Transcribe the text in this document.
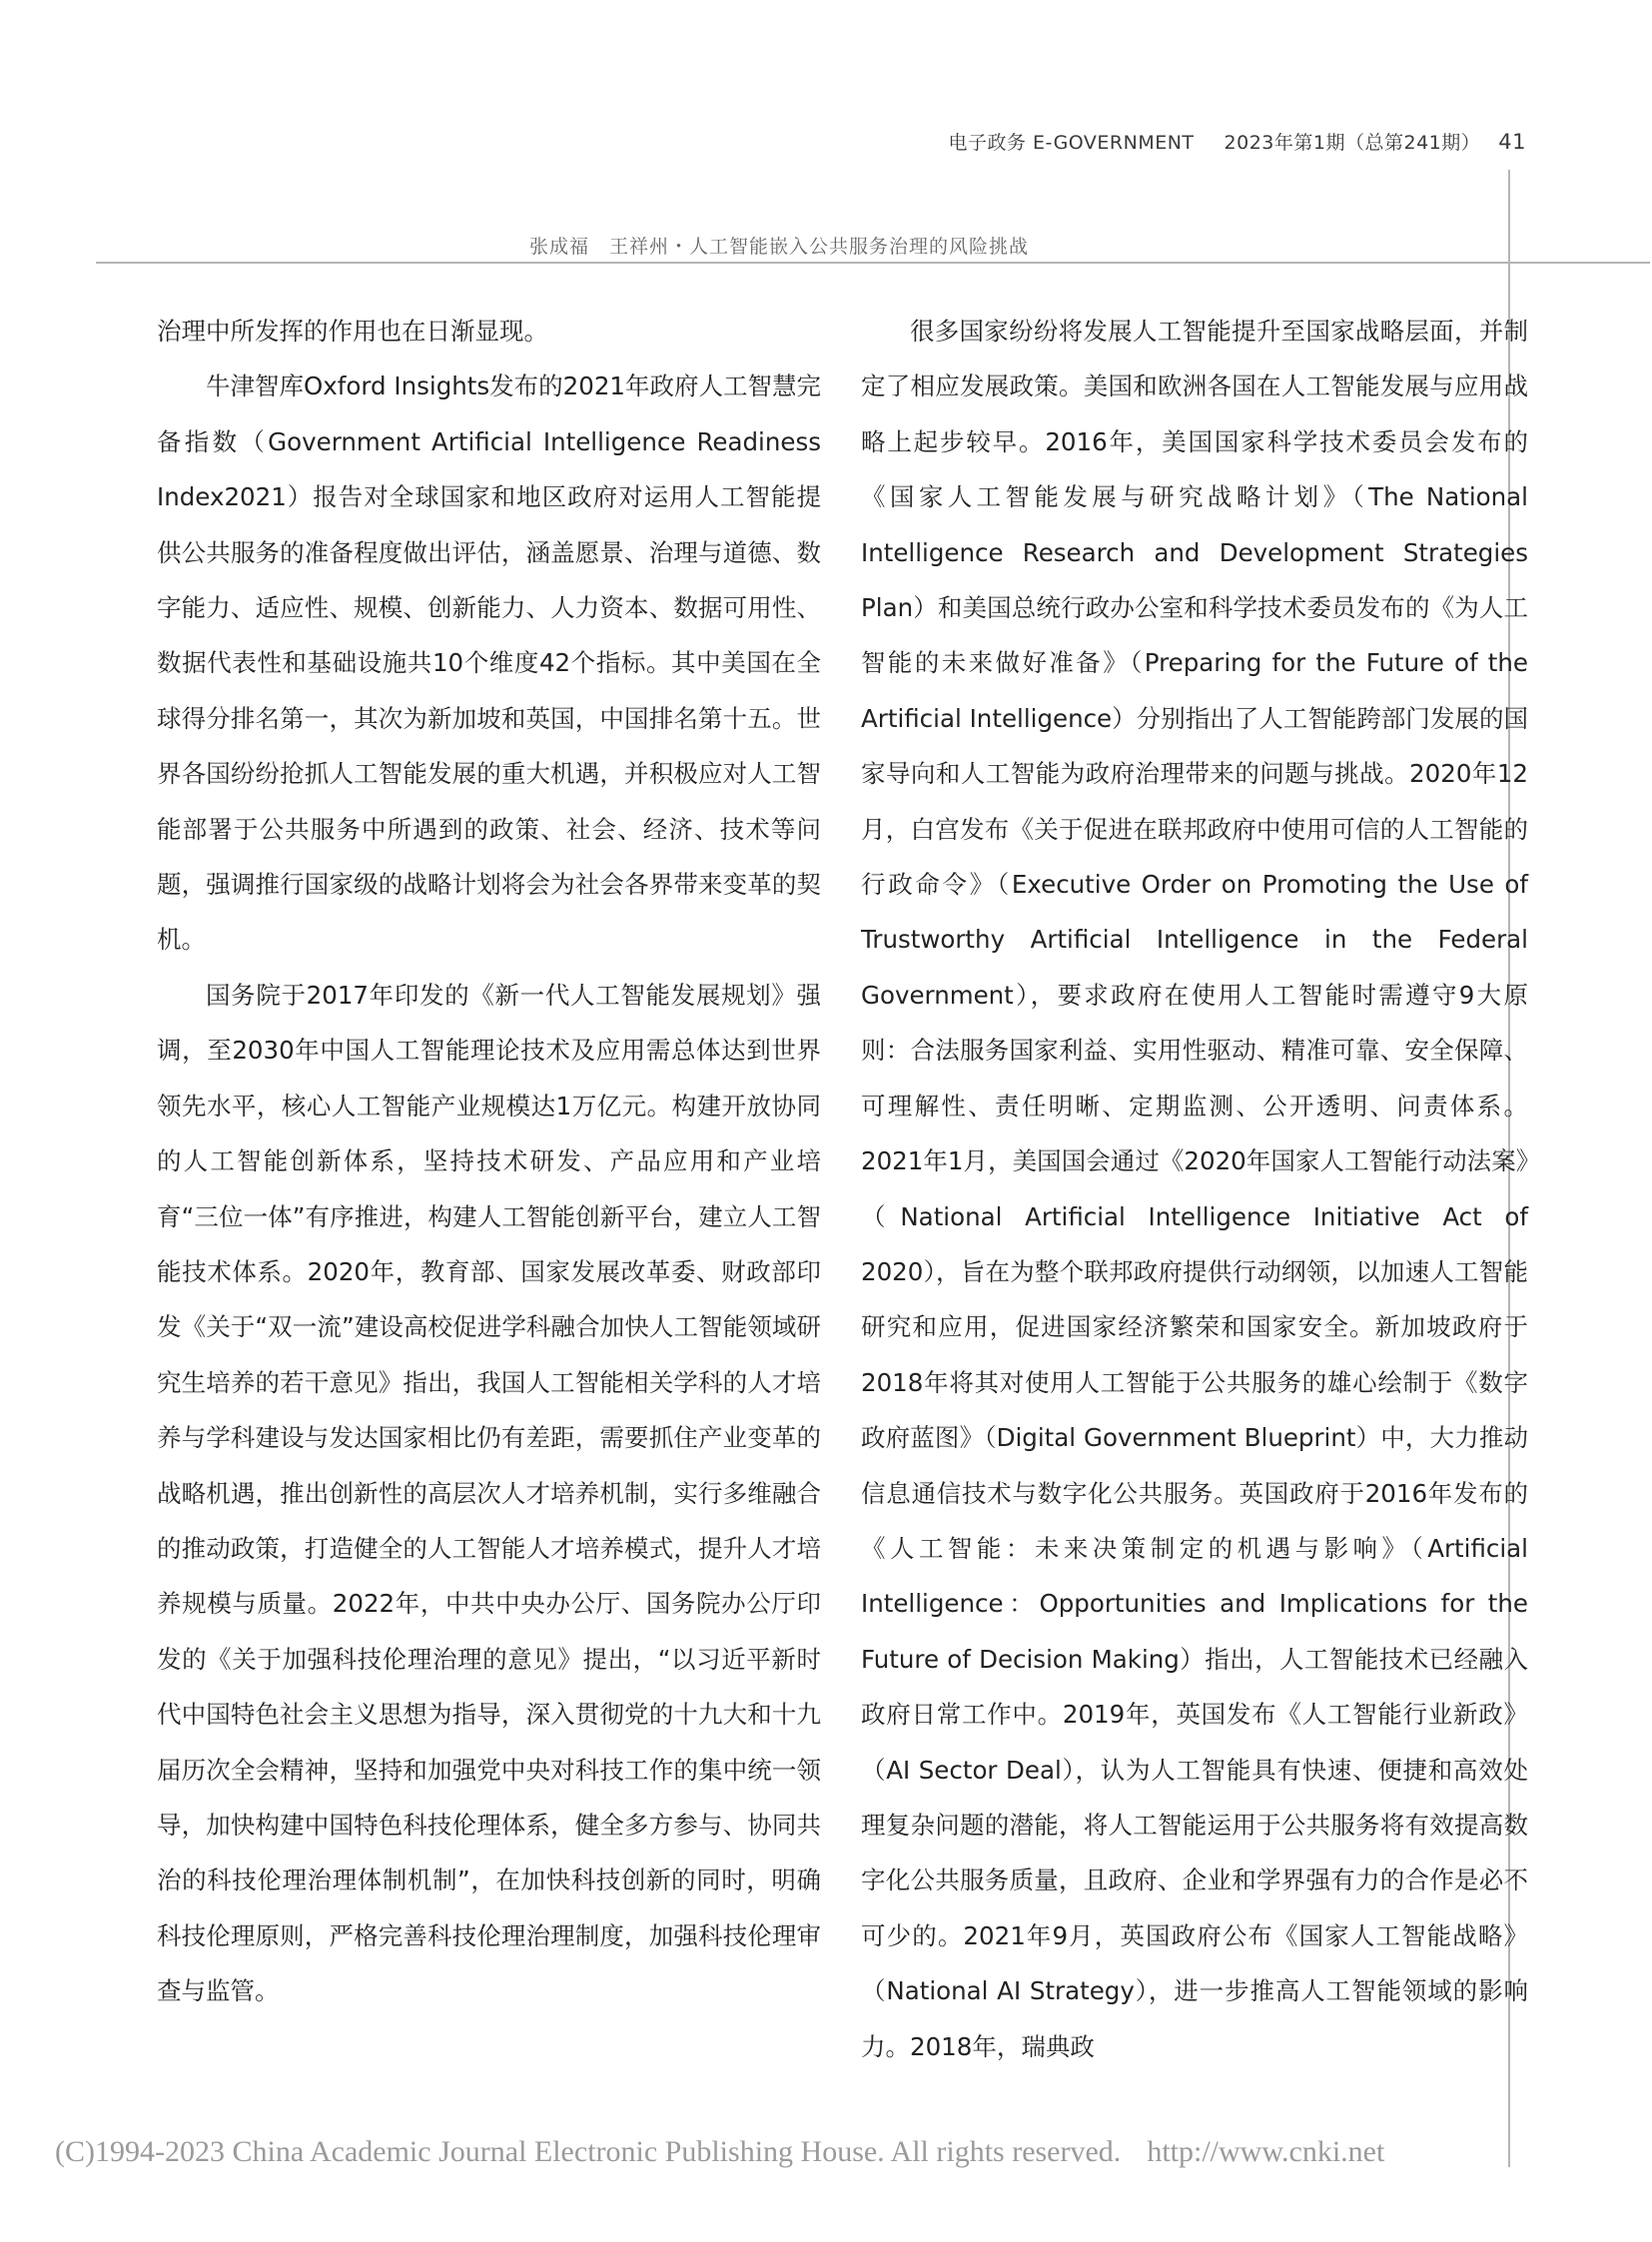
电子政务 E-GOVERNMENT 2023年第1期（总第241期） 41
张成福　王祥州・人工智能嵌入公共服务治理的风险挑战

治理中所发挥的作用也在日渐显现。

牛津智库Oxford Insights发布的2021年政府人工智慧完备指数（Government Artificial Intelligence Readiness Index2021）报告对全球国家和地区政府对运用人工智能提供公共服务的准备程度做出评估，涵盖愿景、治理与道德、数字能力、适应性、规模、创新能力、人力资本、数据可用性、数据代表性和基础设施共10个维度42个指标。其中美国在全球得分排名第一，其次为新加坡和英国，中国排名第十五。世界各国纷纷抢抓人工智能发展的重大机遇，并积极应对人工智能部署于公共服务中所遇到的政策、社会、经济、技术等问题，强调推行国家级的战略计划将会为社会各界带来变革的契机。

国务院于2017年印发的《新一代人工智能发展规划》强调，至2030年中国人工智能理论技术及应用需总体达到世界领先水平，核心人工智能产业规模达1万亿元。构建开放协同的人工智能创新体系，坚持技术研发、产品应用和产业培育“三位一体”有序推进，构建人工智能创新平台，建立人工智能技术体系。2020年，教育部、国家发展改革委、财政部印发《关于“双一流”建设高校促进学科融合加快人工智能领域研究生培养的若干意见》指出，我国人工智能相关学科的人才培养与学科建设与发达国家相比仍有差距，需要抓住产业变革的战略机遇，推出创新性的高层次人才培养机制，实行多维融合的推动政策，打造健全的人工智能人才培养模式，提升人才培养规模与质量。2022年，中共中央办公厅、国务院办公厅印发的《关于加强科技伦理治理的意见》提出，“以习近平新时代中国特色社会主义思想为指导，深入贯彻党的十九大和十九届历次全会精神，坚持和加强党中央对科技工作的集中统一领导，加快构建中国特色科技伦理体系，健全多方参与、协同共治的科技伦理治理体制机制”，在加快科技创新的同时，明确科技伦理原则，严格完善科技伦理治理制度，加强科技伦理审查与监管。

很多国家纷纷将发展人工智能提升至国家战略层面，并制定了相应发展政策。美国和欧洲各国在人工智能发展与应用战略上起步较早。2016年，美国国家科学技术委员会发布的《国家人工智能发展与研究战略计划》（The National Intelligence Research and Development Strategies Plan）和美国总统行政办公室和科学技术委员发布的《为人工智能的未来做好准备》（Preparing for the Future of the Artificial Intelligence）分别指出了人工智能跨部门发展的国家导向和人工智能为政府治理带来的问题与挑战。2020年12月，白宫发布《关于促进在联邦政府中使用可信的人工智能的行政命令》（Executive Order on Promoting the Use of Trustworthy Artificial Intelligence in the Federal Government），要求政府在使用人工智能时需遵守9大原则：合法服务国家利益、实用性驱动、精准可靠、安全保障、可理解性、责任明晰、定期监测、公开透明、问责体系。2021年1月，美国国会通过《2020年国家人工智能行动法案》（National Artificial Intelligence Initiative Act of 2020），旨在为整个联邦政府提供行动纲领，以加速人工智能研究和应用，促进国家经济繁荣和国家安全。新加坡政府于2018年将其对使用人工智能于公共服务的雄心绘制于《数字政府蓝图》（Digital Government Blueprint）中，大力推动信息通信技术与数字化公共服务。英国政府于2016年发布的《人工智能：未来决策制定的机遇与影响》（Artificial Intelligence：Opportunities and Implications for the Future of Decision Making）指出，人工智能技术已经融入政府日常工作中。2019年，英国发布《人工智能行业新政》（AI Sector Deal），认为人工智能具有快速、便捷和高效处理复杂问题的潜能，将人工智能运用于公共服务将有效提高数字化公共服务质量，且政府、企业和学界强有力的合作是必不可少的。2021年9月，英国政府公布《国家人工智能战略》（National AI Strategy），进一步推高人工智能领域的影响力。2018年，瑞典政

(C)1994-2023 China Academic Journal Electronic Publishing House. All rights reserved. http://www.cnki.net
